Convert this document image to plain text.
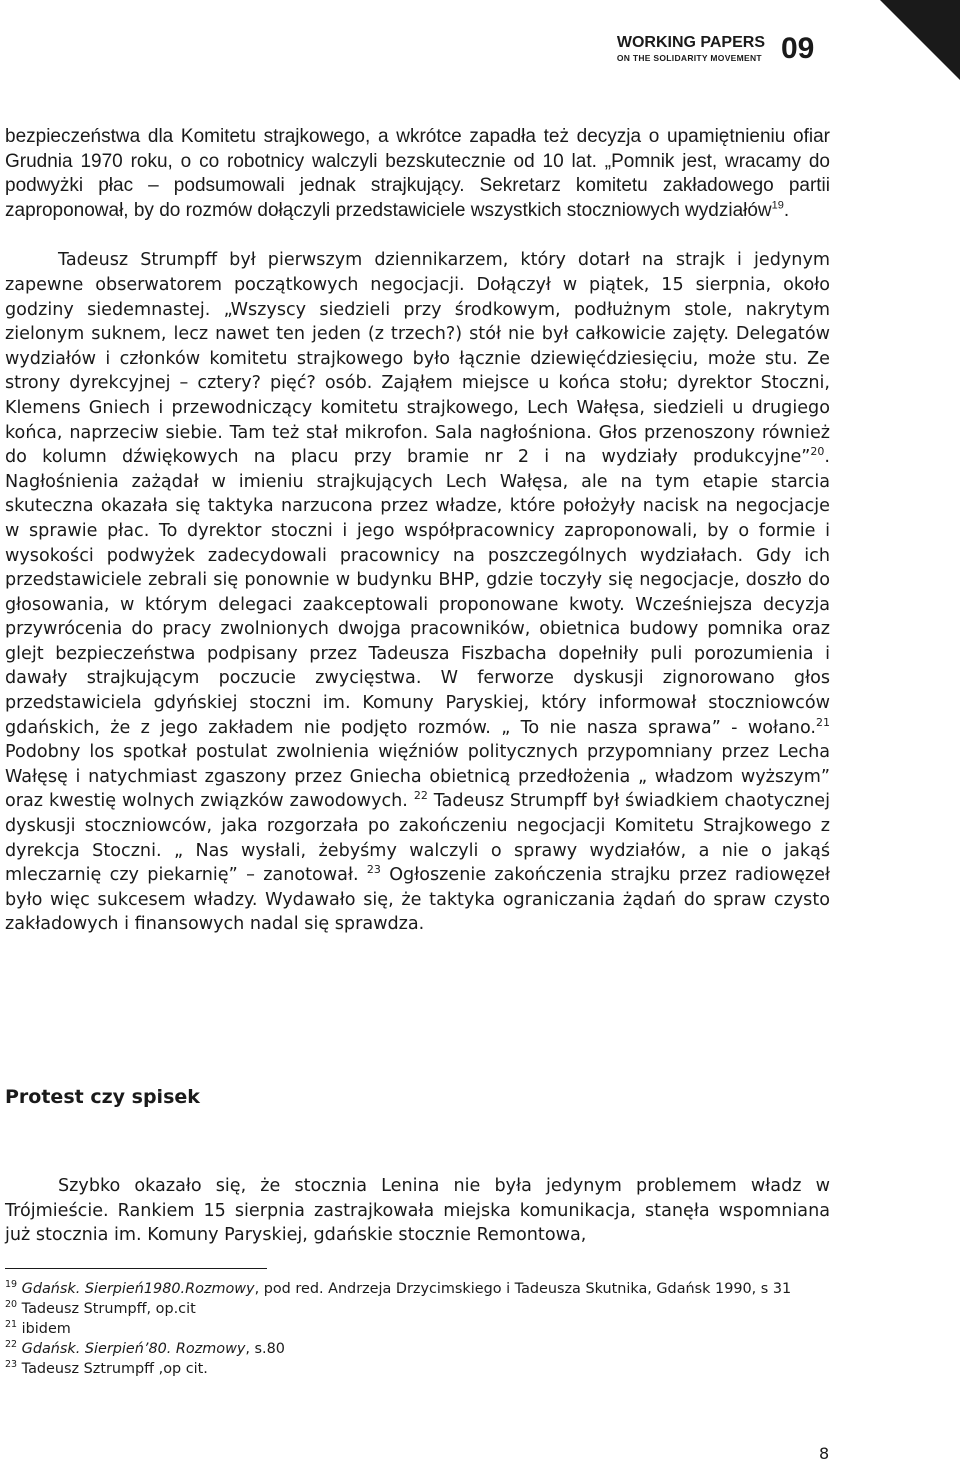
WORKING PAPERS
ON THE SOLIDARITY MOVEMENT 09

bezpieczeństwa dla Komitetu strajkowego, a wkrótce zapadła też decyzja o upamiętnieniu ofiar Grudnia 1970 roku, o co robotnicy walczyli bezskutecznie od 10 lat. „Pomnik jest, wracamy do podwyżki płac – podsumowali jednak strajkujący. Sekretarz komitetu zakładowego partii zaproponował, by do rozmów dołączyli przedstawiciele wszystkich stoczniowych wydziałów$^{19}$.

Tadeusz Strumpff był pierwszym dziennikarzem, który dotarł na strajk i jedynym zapewne obserwatorem początkowych negocjacji. Dołączył w piątek, 15 sierpnia, około godziny siedemnastej. „Wszyscy siedzieli przy środkowym, podłużnym stole, nakrytym zielonym suknem, lecz nawet ten jeden (z trzech?) stół nie był całkowicie zajęty. Delegatów wydziałów i członków komitetu strajkowego było łącznie dziewięćdziesięciu, może stu. Ze strony dyrekcyjnej – cztery? pięć? osób. Zająłem miejsce u końca stołu; dyrektor Stoczni, Klemens Gniech i przewodniczący komitetu strajkowego, Lech Wałęsa, siedzieli u drugiego końca, naprzeciw siebie. Tam też stał mikrofon. Sala nagłośniona. Głos przenoszony również do kolumn dźwiękowych na placu przy bramie nr 2 i na wydziały produkcyjne”$^{20}$. Nagłośnienia zażądał w imieniu strajkujących Lech Wałęsa, ale na tym etapie starcia skuteczna okazała się taktyka narzucona przez władze, które położyły nacisk na negocjacje w sprawie płac. To dyrektor stoczni i jego współpracownicy zaproponowali, by o formie i wysokości podwyżek zadecydowali pracownicy na poszczególnych wydziałach. Gdy ich przedstawiciele zebrali się ponownie w budynku BHP, gdzie toczyły się negocjacje, doszło do głosowania, w którym delegaci zaakceptowali proponowane kwoty. Wcześniejsza decyzja przywrócenia do pracy zwolnionych dwojga pracowników, obietnica budowy pomnika oraz glejt bezpieczeństwa podpisany przez Tadeusza Fiszbacha dopełniły puli porozumienia i dawały strajkującym poczucie zwycięstwa. W ferworze dyskusji zignorowano głos przedstawiciela gdyńskiej stoczni im. Komuny Paryskiej, który informował stoczniowców gdańskich, że z jego zakładem nie podjęto rozmów. „ To nie nasza sprawa” - wołano.$^{21}$ Podobny los spotkał postulat zwolnienia więźniów politycznych przypomniany przez Lecha Wałęsę i natychmiast zgaszony przez Gniecha obietnicą przedłożenia „ władzom wyższym” oraz kwestię wolnych związków zawodowych. $^{22}$ Tadeusz Strumpff był świadkiem chaotycznej dyskusji stoczniowców, jaka rozgorzała po zakończeniu negocjacji Komitetu Strajkowego z dyrekcja Stoczni. „ Nas wysłali, żebyśmy walczyli o sprawy wydziałów, a nie o jakąś mleczarnię czy piekarnię” – zanotował. $^{23}$ Ogłoszenie zakończenia strajku przez radiowęzeł było więc sukcesem władzy. Wydawało się, że taktyka ograniczania żądań do spraw czysto zakładowych i finansowych nadal się sprawdza.

Protest czy spisek

Szybko okazało się, że stocznia Lenina nie była jedynym problemem władz w Trójmieście. Rankiem 15 sierpnia zastrajkowała miejska komunikacja, stanęła wspomniana już stocznia im. Komuny Paryskiej, gdańskie stocznie Remontowa,

$^{19}$ Gdańsk. Sierpień1980.Rozmowy, pod red. Andrzeja Drzycimskiego i Tadeusza Skutnika, Gdańsk 1990, s 31
$^{20}$ Tadeusz Strumpff, op.cit
$^{21}$ ibidem
$^{22}$ Gdańsk. Sierpień’80. Rozmowy, s.80
$^{23}$ Tadeusz Sztrumpff ,op cit.
8
